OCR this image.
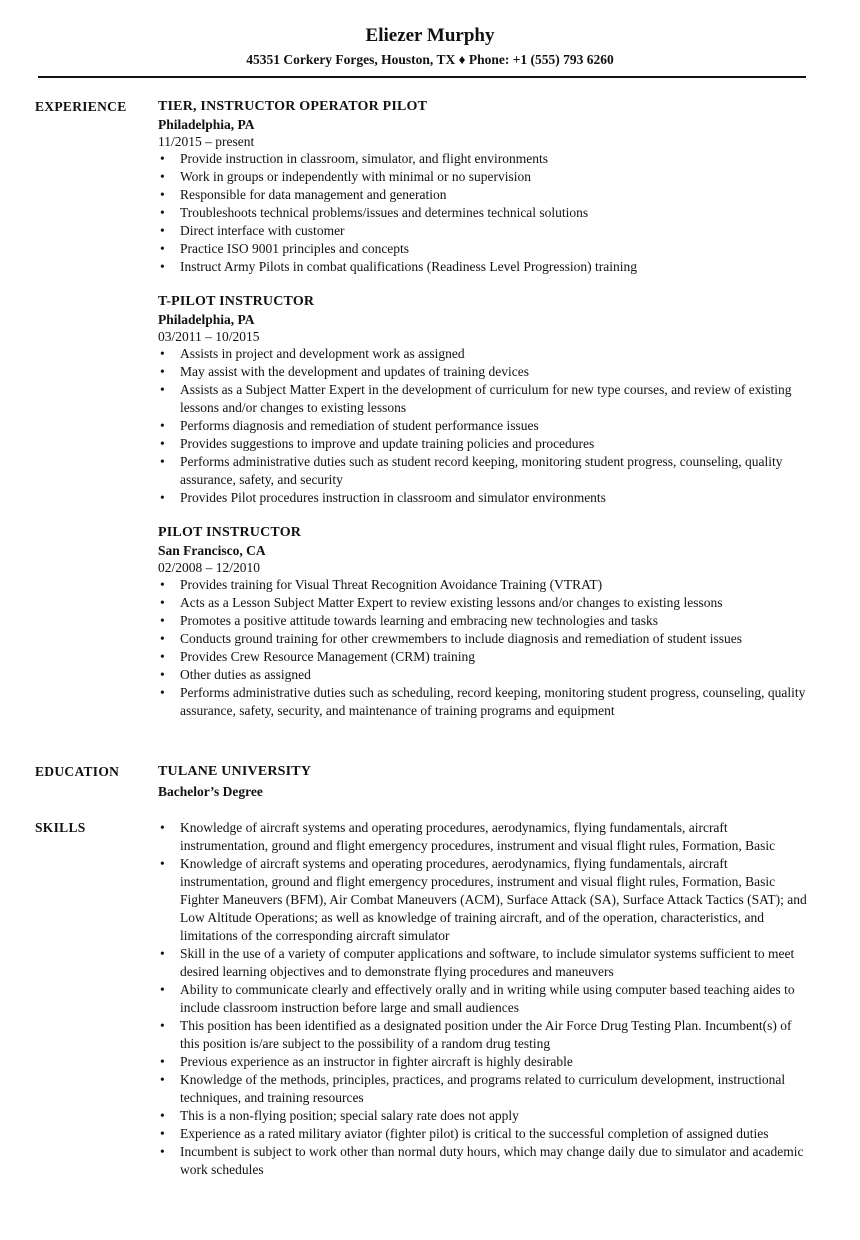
Eliezer Murphy
45351 Corkery Forges, Houston, TX ♦ Phone: +1 (555) 793 6260
EXPERIENCE TIER, INSTRUCTOR OPERATOR PILOT
Philadelphia, PA
11/2015 – present
• Provide instruction in classroom, simulator, and flight environments
• Work in groups or independently with minimal or no supervision
• Responsible for data management and generation
• Troubleshoots technical problems/issues and determines technical solutions
• Direct interface with customer
• Practice ISO 9001 principles and concepts
• Instruct Army Pilots in combat qualifications (Readiness Level Progression) training
T-PILOT INSTRUCTOR
Philadelphia, PA
03/2011 – 10/2015
• Assists in project and development work as assigned
• May assist with the development and updates of training devices
• Assists as a Subject Matter Expert in the development of curriculum for new type courses, and review of existing lessons and/or changes to existing lessons
• Performs diagnosis and remediation of student performance issues
• Provides suggestions to improve and update training policies and procedures
• Performs administrative duties such as student record keeping, monitoring student progress, counseling, quality assurance, safety, and security
• Provides Pilot procedures instruction in classroom and simulator environments
PILOT INSTRUCTOR
San Francisco, CA
02/2008 – 12/2010
• Provides training for Visual Threat Recognition Avoidance Training (VTRAT)
• Acts as a Lesson Subject Matter Expert to review existing lessons and/or changes to existing lessons
• Promotes a positive attitude towards learning and embracing new technologies and tasks
• Conducts ground training for other crewmembers to include diagnosis and remediation of student issues
• Provides Crew Resource Management (CRM) training
• Other duties as assigned
• Performs administrative duties such as scheduling, record keeping, monitoring student progress, counseling, quality assurance, safety, security, and maintenance of training programs and equipment
EDUCATION	TULANE UNIVERSITY
Bachelor’s Degree
SKILLS	• Knowledge of aircraft systems and operating procedures, aerodynamics, flying fundamentals, aircraft instrumentation, ground and flight emergency procedures, instrument and visual flight rules, Formation, Basic
• Knowledge of aircraft systems and operating procedures, aerodynamics, flying fundamentals, aircraft instrumentation, ground and flight emergency procedures, instrument and visual flight rules, Formation, Basic Fighter Maneuvers (BFM), Air Combat Maneuvers (ACM), Surface Attack (SA), Surface Attack Tactics (SAT); and Low Altitude Operations; as well as knowledge of training aircraft, and of the operation, characteristics, and limitations of the corresponding aircraft simulator
• Skill in the use of a variety of computer applications and software, to include simulator systems sufficient to meet desired learning objectives and to demonstrate flying procedures and maneuvers
• Ability to communicate clearly and effectively orally and in writing while using computer based teaching aides to include classroom instruction before large and small audiences
• This position has been identified as a designated position under the Air Force Drug Testing Plan. Incumbent(s) of this position is/are subject to the possibility of a random drug testing
• Previous experience as an instructor in fighter aircraft is highly desirable
• Knowledge of the methods, principles, practices, and programs related to curriculum development, instructional techniques, and training resources
• This is a non-flying position; special salary rate does not apply
• Experience as a rated military aviator (fighter pilot) is critical to the successful completion of assigned duties
• Incumbent is subject to work other than normal duty hours, which may change daily due to simulator and academic work schedules
